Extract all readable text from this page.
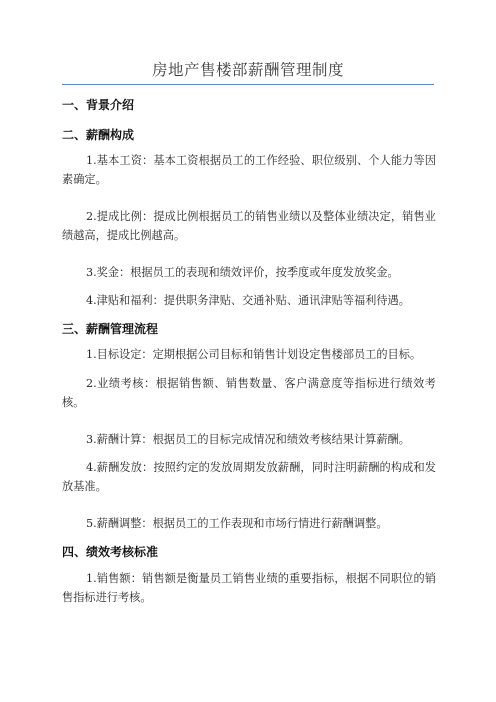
房地产售楼部薪酬管理制度
一、背景介绍
二、薪酬构成
1.基本工资：基本工资根据员工的工作经验、职位级别、个人能力等因素确定。
2.提成比例：提成比例根据员工的销售业绩以及整体业绩决定，销售业绩越高，提成比例越高。
3.奖金：根据员工的表现和绩效评价，按季度或年度发放奖金。
4.津贴和福利：提供职务津贴、交通补贴、通讯津贴等福利待遇。
三、薪酬管理流程
1.目标设定：定期根据公司目标和销售计划设定售楼部员工的目标。
2.业绩考核：根据销售额、销售数量、客户满意度等指标进行绩效考核。
3.薪酬计算：根据员工的目标完成情况和绩效考核结果计算薪酬。
4.薪酬发放：按照约定的发放周期发放薪酬，同时注明薪酬的构成和发放基准。
5.薪酬调整：根据员工的工作表现和市场行情进行薪酬调整。
四、绩效考核标准
1.销售额：销售额是衡量员工销售业绩的重要指标，根据不同职位的销售指标进行考核。
